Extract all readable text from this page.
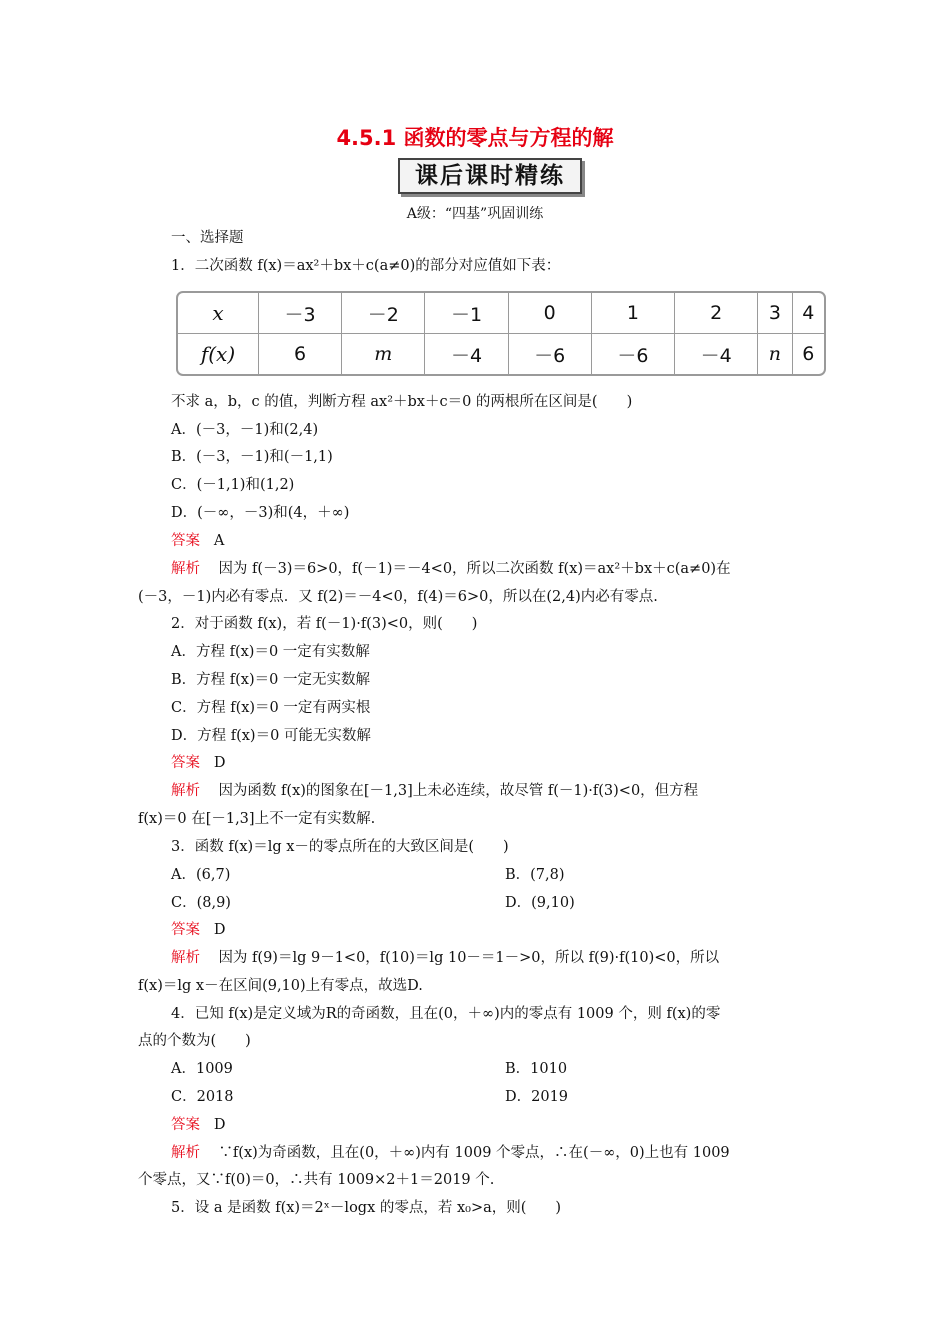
4.5.1 函数的零点与方程的解
课后课时精练
A级：“四基”巩固训练
一、选择题
1．二次函数 f(x)＝ax²＋bx＋c(a≠0)的部分对应值如下表：
x	－3	－2	－1	0	1	2	3	4
f(x)	6	m	－4	－6	－6	－4	n	6
不求 a，b，c 的值，判断方程 ax²＋bx＋c＝0 的两根所在区间是(　　)
A．(－3，－1)和(2,4)
B．(－3，－1)和(－1,1)
C．(－1,1)和(1,2)
D．(－∞，－3)和(4，＋∞)
答案 A
解析 因为 f(－3)＝6>0，f(－1)＝－4<0，所以二次函数 f(x)＝ax²＋bx＋c(a≠0)在
(－3，－1)内必有零点．又 f(2)＝－4<0，f(4)＝6>0，所以在(2,4)内必有零点.
2．对于函数 f(x)，若 f(－1)·f(3)<0，则(　　)
A．方程 f(x)＝0 一定有实数解
B．方程 f(x)＝0 一定无实数解
C．方程 f(x)＝0 一定有两实根
D．方程 f(x)＝0 可能无实数解
答案 D
解析 因为函数 f(x)的图象在[－1,3]上未必连续，故尽管 f(－1)·f(3)<0，但方程
f(x)＝0 在[－1,3]上不一定有实数解.
3．函数 f(x)＝lg x－的零点所在的大致区间是(　　)
A．(6,7)	B．(7,8)
C．(8,9)	D．(9,10)
答案 D
解析 因为 f(9)＝lg 9－1<0，f(10)＝lg 10－＝1－>0，所以 f(9)·f(10)<0，所以
f(x)＝lg x－在区间(9,10)上有零点，故选D.
4．已知 f(x)是定义域为R的奇函数，且在(0，＋∞)内的零点有 1009 个，则 f(x)的零
点的个数为(　　)
A．1009	B．1010
C．2018	D．2019
答案 D
解析 ∵f(x)为奇函数，且在(0，＋∞)内有 1009 个零点，∴在(－∞，0)上也有 1009
个零点，又∵f(0)＝0，∴共有 1009×2＋1＝2019 个.
5．设 a 是函数 f(x)＝2ˣ－logx 的零点，若 x₀>a，则(　　)
